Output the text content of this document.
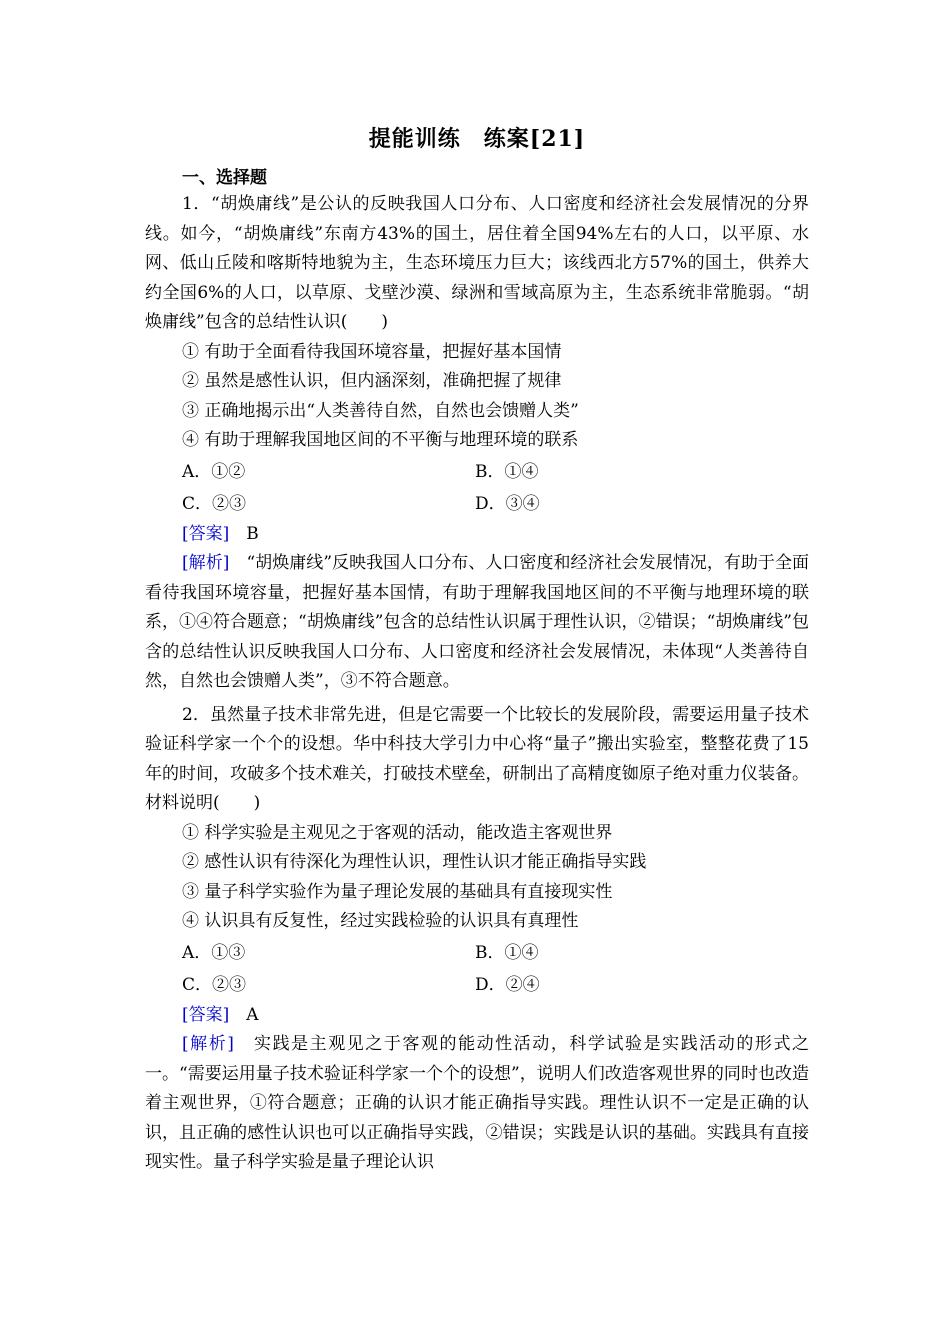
提能训练　练案[21]
一、选择题

1．“胡焕庸线”是公认的反映我国人口分布、人口密度和经济社会发展情况的分界线。如今，“胡焕庸线”东南方43%的国土，居住着全国94%左右的人口，以平原、水网、低山丘陵和喀斯特地貌为主，生态环境压力巨大；该线西北方57%的国土，供养大约全国6%的人口，以草原、戈壁沙漠、绿洲和雪域高原为主，生态系统非常脆弱。“胡焕庸线”包含的总结性认识(　　)

① 有助于全面看待我国环境容量，把握好基本国情

② 虽然是感性认识，但内涵深刻，准确把握了规律

③ 正确地揭示出“人类善待自然，自然也会馈赠人类”

④ 有助于理解我国地区间的不平衡与地理环境的联系

A．①②	B．①④
C．②③	D．③④

[答案]　B

[解析]　“胡焕庸线”反映我国人口分布、人口密度和经济社会发展情况，有助于全面看待我国环境容量，把握好基本国情，有助于理解我国地区间的不平衡与地理环境的联系，①④符合题意；“胡焕庸线”包含的总结性认识属于理性认识，②错误；“胡焕庸线”包含的总结性认识反映我国人口分布、人口密度和经济社会发展情况，未体现“人类善待自然，自然也会馈赠人类”，③不符合题意。

2．虽然量子技术非常先进，但是它需要一个比较长的发展阶段，需要运用量子技术验证科学家一个个的设想。华中科技大学引力中心将“量子”搬出实验室，整整花费了15年的时间，攻破多个技术难关，打破技术壁垒，研制出了高精度铷原子绝对重力仪装备。材料说明(　　)

① 科学实验是主观见之于客观的活动，能改造主客观世界

② 感性认识有待深化为理性认识，理性认识才能正确指导实践

③ 量子科学实验作为量子理论发展的基础具有直接现实性

④ 认识具有反复性，经过实践检验的认识具有真理性

A．①③	B．①④
C．②③	D．②④

[答案]　A

[解析]　实践是主观见之于客观的能动性活动，科学试验是实践活动的形式之一。“需要运用量子技术验证科学家一个个的设想”，说明人们改造客观世界的同时也改造着主观世界，①符合题意；正确的认识才能正确指导实践。理性认识不一定是正确的认识，且正确的感性认识也可以正确指导实践，②错误；实践是认识的基础。实践具有直接现实性。量子科学实验是量子理论认识
